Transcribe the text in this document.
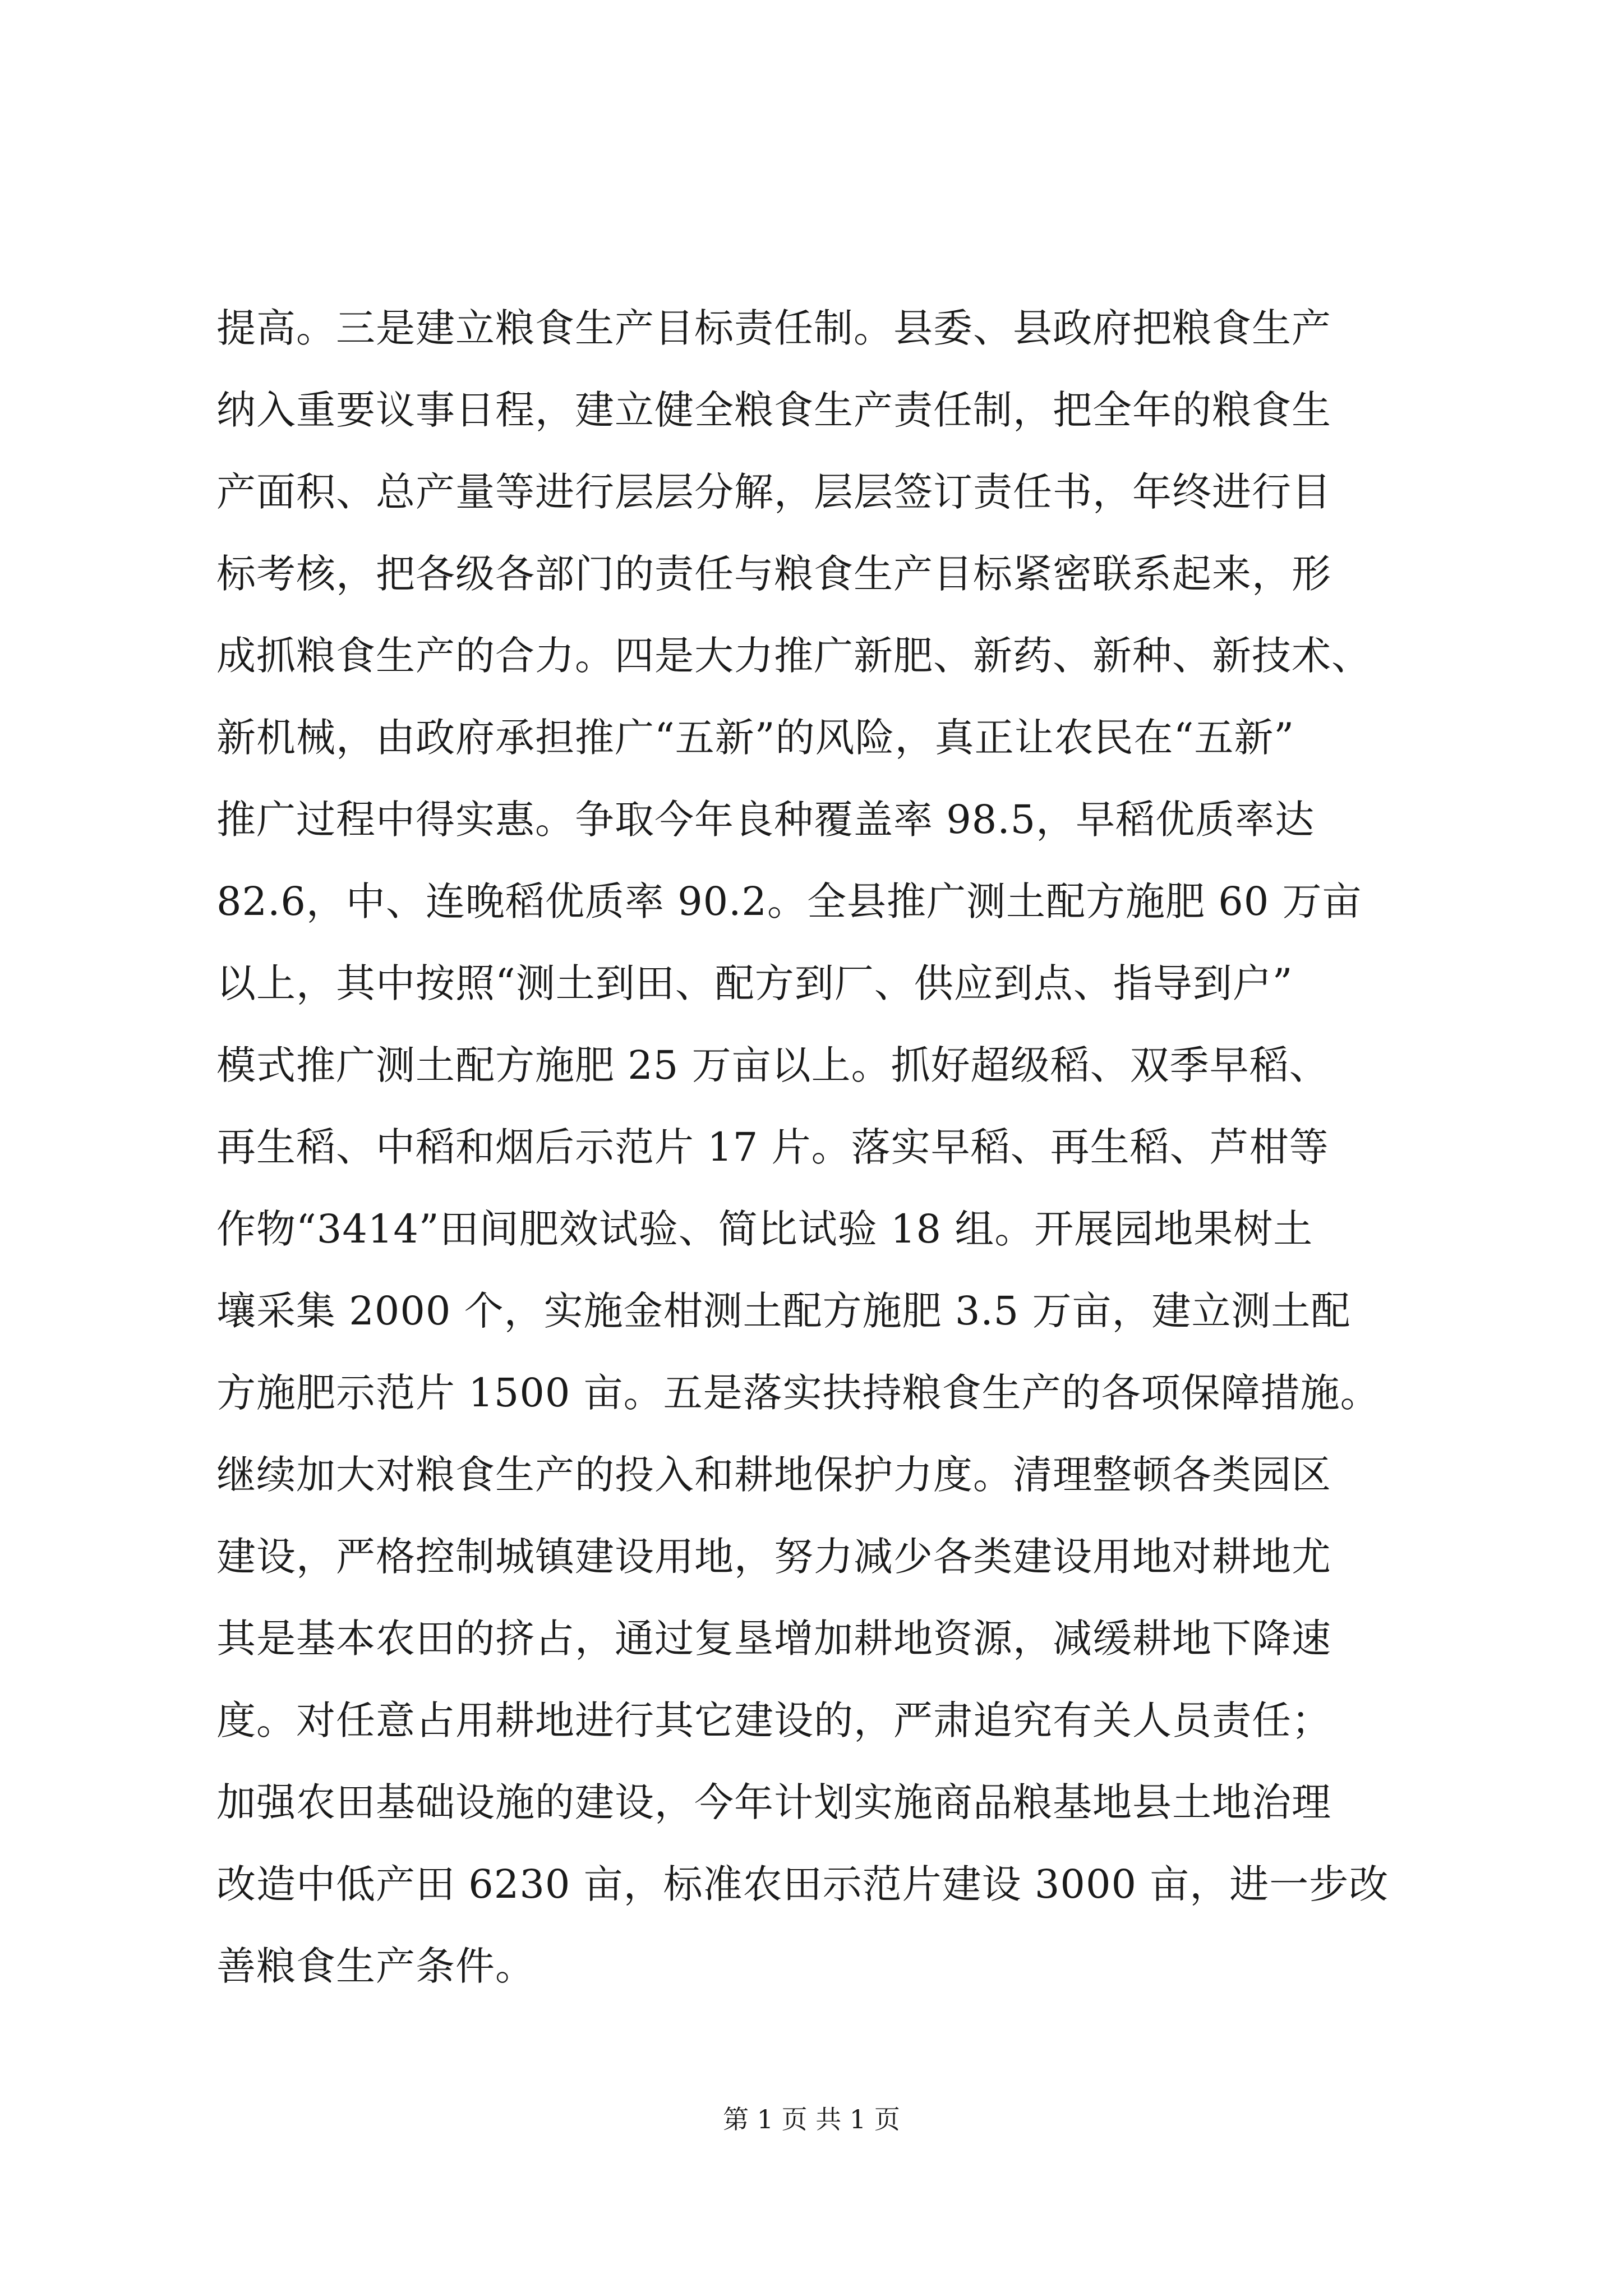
提高。三是建立粮食生产目标责任制。县委、县政府把粮食生产
纳入重要议事日程，建立健全粮食生产责任制，把全年的粮食生
产面积、总产量等进行层层分解，层层签订责任书，年终进行目
标考核，把各级各部门的责任与粮食生产目标紧密联系起来，形
成抓粮食生产的合力。四是大力推广新肥、新药、新种、新技术、
新机械，由政府承担推广“五新”的风险，真正让农民在“五新”
推广过程中得实惠。争取今年良种覆盖率 98.5，早稻优质率达
82.6，中、连晚稻优质率 90.2。全县推广测土配方施肥 60 万亩
以上，其中按照“测土到田、配方到厂、供应到点、指导到户”
模式推广测土配方施肥 25 万亩以上。抓好超级稻、双季早稻、
再生稻、中稻和烟后示范片 17 片。落实早稻、再生稻、芦柑等
作物“3414”田间肥效试验、简比试验 18 组。开展园地果树土
壤采集 2000 个，实施金柑测土配方施肥 3.5 万亩，建立测土配
方施肥示范片 1500 亩。五是落实扶持粮食生产的各项保障措施。
继续加大对粮食生产的投入和耕地保护力度。清理整顿各类园区
建设，严格控制城镇建设用地，努力减少各类建设用地对耕地尤
其是基本农田的挤占，通过复垦增加耕地资源，减缓耕地下降速
度。对任意占用耕地进行其它建设的，严肃追究有关人员责任；
加强农田基础设施的建设，今年计划实施商品粮基地县土地治理
改造中低产田 6230 亩，标准农田示范片建设 3000 亩，进一步改
善粮食生产条件。
第 1 页 共 1 页
